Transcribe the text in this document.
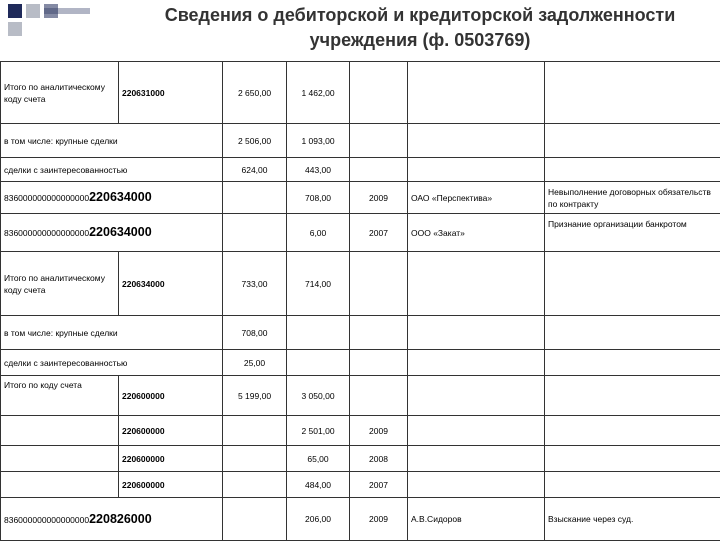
Сведения о дебиторской и кредиторской задолженности
учреждения (ф. 0503769)
Итого по аналитическому коду счета	220631000	2 650,00	1 462,00			
в том числе: крупные сделки		2 506,00	1 093,00			
сделки с заинтересованностью		624,00	443,00			
836000000000000000220634000			708,00	2009	ОАО «Перспектива»	Невыполнение договорных обязательств по контракту
836000000000000000220634000			6,00	2007	ООО «Закат»	Признание организации банкротом
Итого по аналитическому коду счета	220634000	733,00	714,00			
в том числе: крупные сделки		708,00				
сделки с заинтересованностью		25,00				
Итого по коду счета	220600000	5 199,00	3 050,00			
	220600000		2 501,00	2009		
	220600000		65,00	2008		
	220600000		484,00	2007		
836000000000000000220826000			206,00	2009	А.В.Сидоров	Взыскание через суд.
